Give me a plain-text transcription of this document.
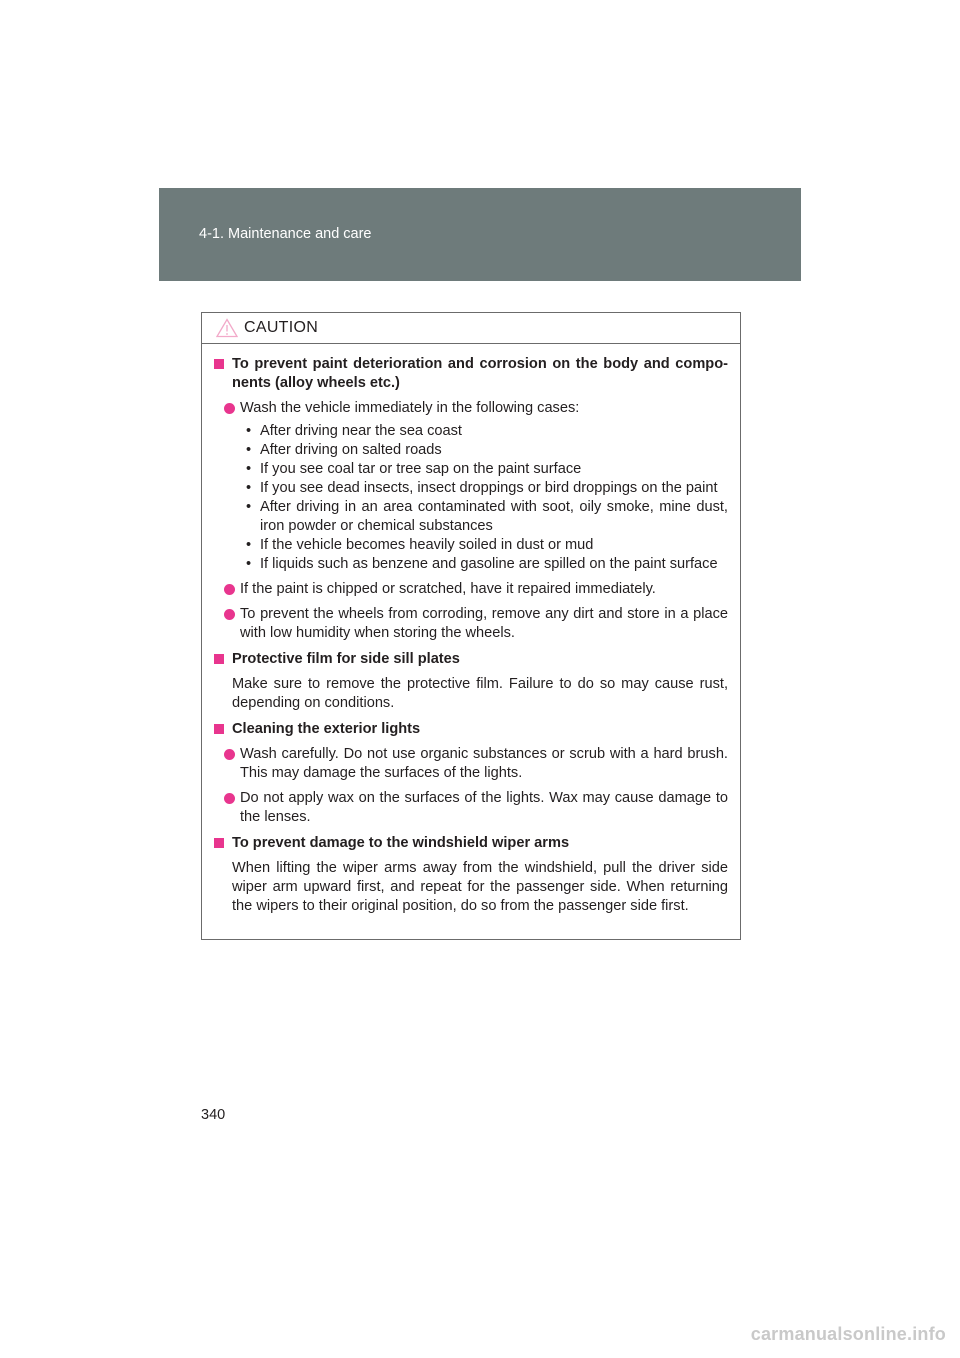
4-1. Maintenance and care
CAUTION
To prevent paint deterioration and corrosion on the body and compo-nents (alloy wheels etc.)
Wash the vehicle immediately in the following cases:
• After driving near the sea coast
• After driving on salted roads
• If you see coal tar or tree sap on the paint surface
• If you see dead insects, insect droppings or bird droppings on the paint
• After driving in an area contaminated with soot, oily smoke, mine dust, iron powder or chemical substances
• If the vehicle becomes heavily soiled in dust or mud
• If liquids such as benzene and gasoline are spilled on the paint surface
If the paint is chipped or scratched, have it repaired immediately.
To prevent the wheels from corroding, remove any dirt and store in a place with low humidity when storing the wheels.
Protective film for side sill plates
Make sure to remove the protective film. Failure to do so may cause rust, depending on conditions.
Cleaning the exterior lights
Wash carefully. Do not use organic substances or scrub with a hard brush. This may damage the surfaces of the lights.
Do not apply wax on the surfaces of the lights. Wax may cause damage to the lenses.
To prevent damage to the windshield wiper arms
When lifting the wiper arms away from the windshield, pull the driver side wiper arm upward first, and repeat for the passenger side. When returning the wipers to their original position, do so from the passenger side first.
340
carmanualsonline.info
